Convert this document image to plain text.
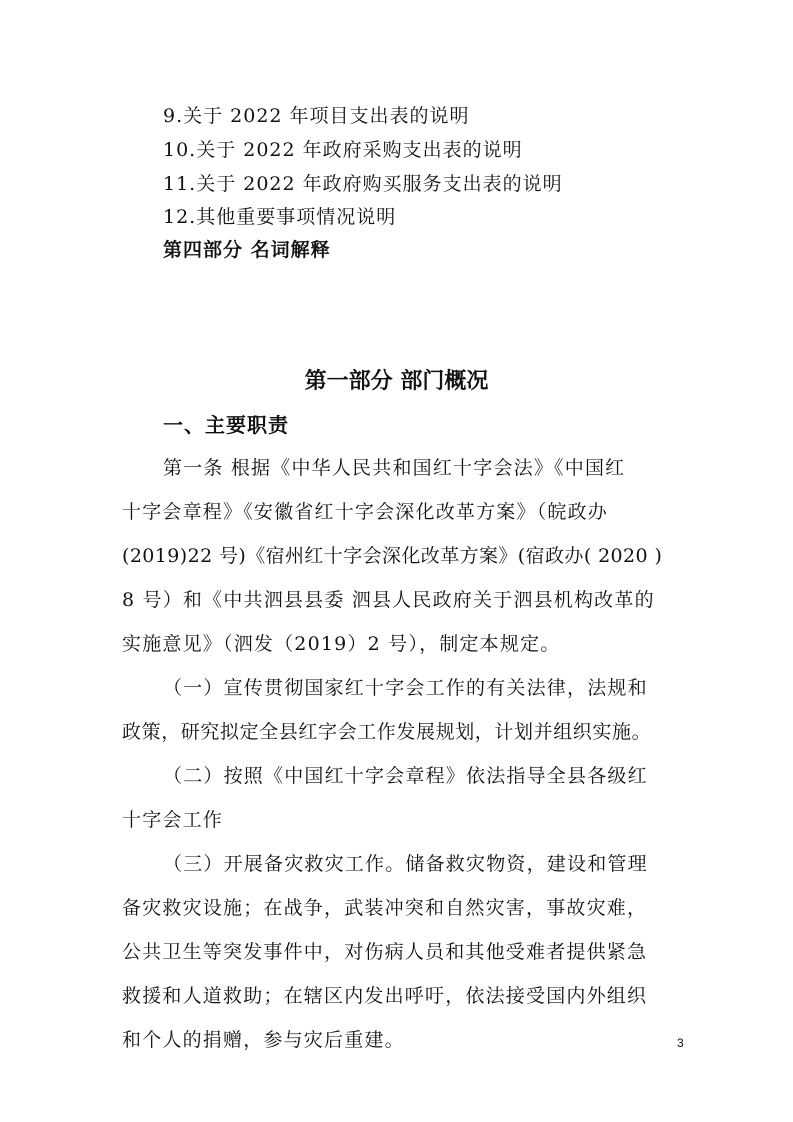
9.关于 2022 年项目支出表的说明
10.关于 2022 年政府采购支出表的说明
11.关于 2022 年政府购买服务支出表的说明
12.其他重要事项情况说明
第四部分 名词解释
第一部分 部门概况
一、主要职责
第一条 根据《中华人民共和国红十字会法》《中国红
十字会章程》《安徽省红十字会深化改革方案》（皖政办
(2019)22 号)《宿州红十字会深化改革方案》(宿政办( 2020 )
8 号）和《中共泗县县委 泗县人民政府关于泗县机构改革的
实施意见》（泗发（2019）2 号），制定本规定。
（一）宣传贯彻国家红十字会工作的有关法律，法规和
政策，研究拟定全县红字会工作发展规划，计划并组织实施。
（二）按照《中国红十字会章程》依法指导全县各级红
十字会工作
（三）开展备灾救灾工作。储备救灾物资，建设和管理
备灾救灾设施；在战争，武装冲突和自然灾害，事故灾难，
公共卫生等突发事件中，对伤病人员和其他受难者提供紧急
救援和人道救助；在辖区内发出呼吁，依法接受国内外组织
和个人的捐赠，参与灾后重建。	3
